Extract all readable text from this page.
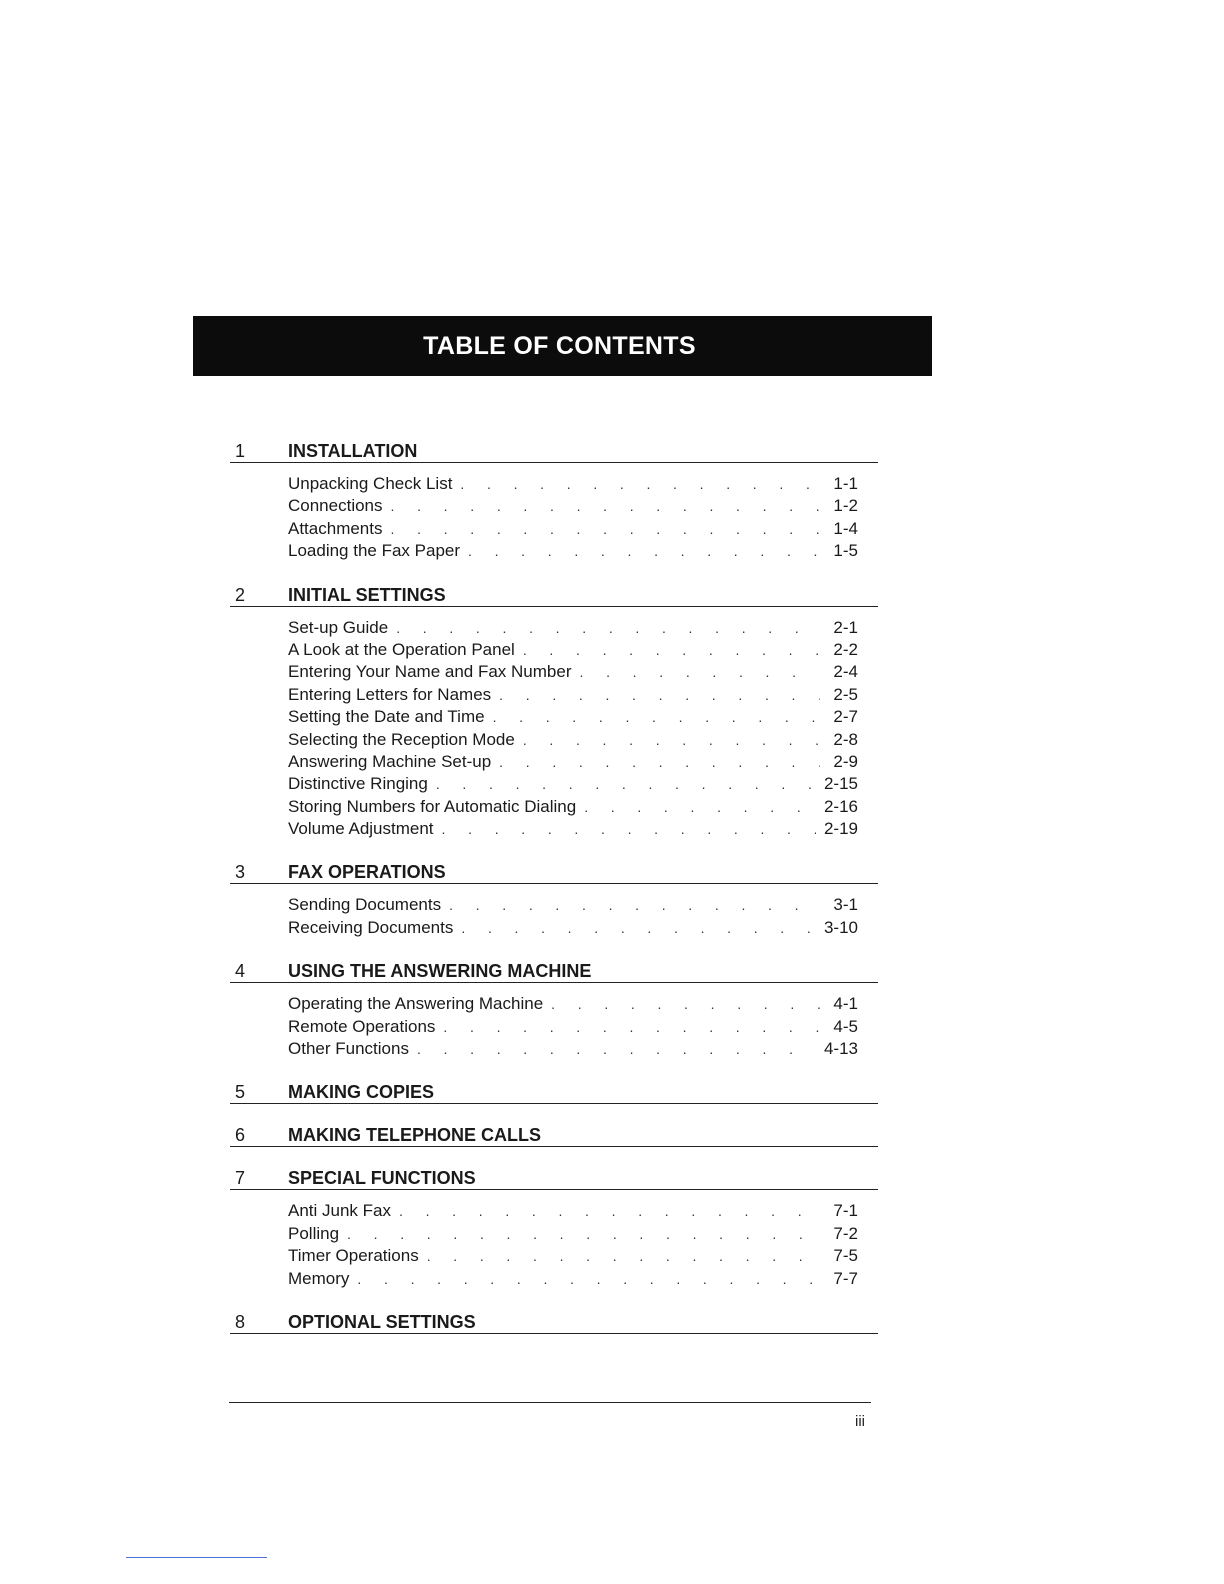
TABLE OF CONTENTS
1	INSTALLATION
Unpacking Check List . . .	1-1
Connections . . .	1-2
Attachments . . .	1-4
Loading the Fax Paper . . .	1-5
2	INITIAL SETTINGS
Set-up Guide . . .	2-1
A Look at the Operation Panel . . .	2-2
Entering Your Name and Fax Number . . .	2-4
Entering Letters for Names . . .	2-5
Setting the Date and Time . . .	2-7
Selecting the Reception Mode . . .	2-8
Answering Machine Set-up . . .	2-9
Distinctive Ringing . . .	2-15
Storing Numbers for Automatic Dialing . . .	2-16
Volume Adjustment . . .	2-19
3	FAX OPERATIONS
Sending Documents . . .	3-1
Receiving Documents . . .	3-10
4	USING THE ANSWERING MACHINE
Operating the Answering Machine . . .	4-1
Remote Operations . . .	4-5
Other Functions . . .	4-13
5	MAKING COPIES
6	MAKING TELEPHONE CALLS
7	SPECIAL FUNCTIONS
Anti Junk Fax . . .	7-1
Polling . . .	7-2
Timer Operations . . .	7-5
Memory . . .	7-7
8	OPTIONAL SETTINGS
iii
